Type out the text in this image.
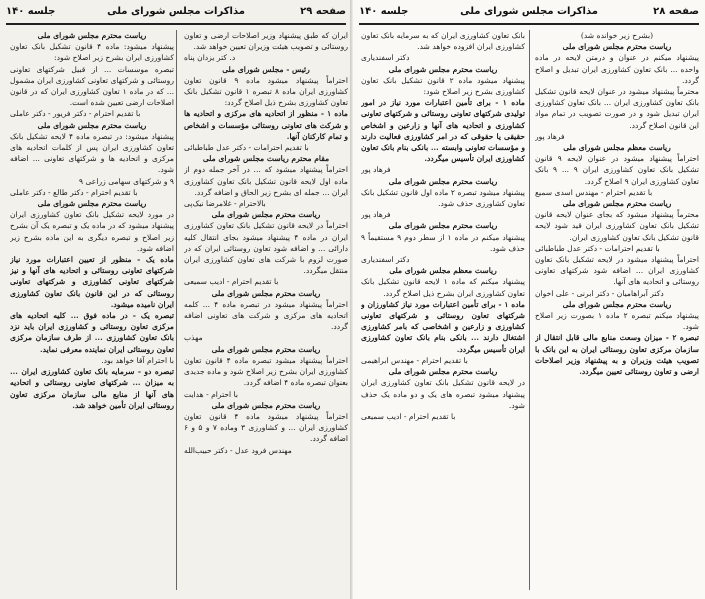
صفحه ۲۹
مذاکرات مجلس شورای ملی
جلسه ۱۴۰

ایران که طبق پیشنهاد وزیر اصلاحات ارضی و تعاون روستائی و تصویب هیئت وزیران تعیین خواهد شد.

د. کتر یزدان پناه

رئیس - مجلس شورای ملی

احتراماً پیشنهاد میشود ماده ۹ قانون تعاون کشاورزی ایران ماده ۸ تبصره ۱ قانون تشکیل بانک تعاون کشاورزی بشرح ذیل اصلاح گردد:

ماده ۱ - منظور از اتحادیه های مرکزی و اتحادیه ها و شرکت های تعاونی روستائی مؤسسات و اشخاص و تمام کارکنان آنها.

با تقدیم احترامات - دکتر عدل طباطبائی

مقام محترم ریاست مجلس شورای ملی

احتراماً پیشنهاد میشود که ... در آخر جمله دوم از ماده اول لایحه قانون تشکیل بانک تعاون کشاورزی ایران ... جمله ای بشرح زیر الحاق و اضافه گردد.

بالاحترام - غلامرضا نیک‌پی

ریاست محترم مجلس شورای ملی

احتراماً در لایحه قانون تشکیل بانک تعاون کشاورزی ایران در ماده ۴ پیشنهاد میشود بجای انتقال کلیه دارائی ... و اضافه شود تعاون روستائی ایران که در صورت لزوم با شرکت های تعاون کشاورزی ایران منتقل میگردد.

با تقدیم احترام - ادیب سمیعی

ریاست محترم مجلس شورای ملی

احتراماً پیشنهاد میشود در تبصره ماده ۴ ... کلمه اتحادیه های مرکزی و شرکت های تعاونی اضافه گردد.

مهذب

ریاست محترم مجلس شورای ملی

احتراماً پیشنهاد میشود تبصره ماده ۴ قانون تعاون کشاورزی ایران بشرح زیر اصلاح شود و ماده جدیدی بعنوان تبصره ماده ۴ اضافه گردد.

با احترام - هدایت

ریاست محترم مجلس شورای ملی

احتراماً پیشنهاد میشود ماده ۴ قانون تعاون کشاورزی ایران ... و کشاورزی ۳ وماده ۷ و ۵ و ۶ اضافه گردد.

مهندس فرود عدل - دکتر حبیب‌الله

ریاست محترم مجلس شورای ملی

پیشنهاد میشود: ماده ۴ قانون تشکیل بانک تعاون کشاورزی ایران بشرح زیر اصلاح شود:

تبصره موسسات ... از قبیل شرکتهای تعاونی روستائی و شرکتهای تعاونی کشاورزی ایران مشمول ... که در ماده ۱ تعاون کشاورزی ایران که در قانون اصلاحات ارضی تعیین شده است.

با تقدیم احترام - دکتر فریور - دکتر عاملی

ریاست محترم مجلس شورای ملی

پیشنهاد میشود: در تبصره ماده ۴ لایحه تشکیل بانک تعاون کشاورزی ایران پس از کلمات اتحادیه های مرکزی و اتحادیه ها و شرکتهای تعاونی ... اضافه شود.

۹ و شرکتهای سهامی زراعی ۹

با تقدیم احترام - دکتر طالع - دکتر عاملی

ریاست محترم مجلس شورای ملی

در مورد لایحه تشکیل بانک تعاون کشاورزی ایران پیشنهاد میشود که در ماده یک و تبصره یک آن بشرح زیر اصلاح و تبصره دیگری به این ماده بشرح زیر اضافه شود.

ماده یک - منظور از تعیین اعتبارات مورد نیاز شرکتهای تعاونی روستائی و اتحادیه های آنها و نیز شرکتهای تعاونی کشاورزی و شرکتهای تعاونی روستائی که در این قانون بانک تعاون کشاورزی ایران نامیده میشود.

تبصره یک - در ماده فوق ... کلیه اتحادیه های مرکزی تعاون روستائی و کشاورزی ایران باید نزد بانک تعاون کشاورزی ... از طرف سازمان مرکزی تعاون روستائی ایران نماینده معرفی نماید.

با احترام آقا خواهد بود.

تبصره دو - سرمایه بانک تعاون کشاورزی ایران ... به میزان ... شرکتهای تعاونی روستائی و اتحادیه های آنها از منابع مالی سازمان مرکزی تعاون روستائی ایران تأمین خواهد شد.

صفحه ۲۸
مذاکرات مجلس شورای ملی
جلسه ۱۴۰

بانک تعاون کشاورزی ایران که به سرمایه بانک تعاون کشاورزی ایران افزوده خواهد شد.

دکتر اسفندیاری

ریاست محترم مجلس شورای ملی

پیشنهاد میشود ماده ۲ قانون تشکیل بانک تعاون کشاورزی بشرح زیر اصلاح شود:

ماده ۱ - برای تأمین اعتبارات مورد نیاز در امور تولیدی شرکتهای تعاونی روستائی و شرکتهای تعاونی کشاورزی و اتحادیه های آنها و زارعین و اشخاص حقیقی یا حقوقی که در امر کشاورزی فعالیت دارند و مؤسسات تعاونی وابسته ... بانکی بنام بانک تعاون کشاورزی ایران تأسیس میگردد.

فرهاد پور

ریاست محترم مجلس شورای ملی

پیشنهاد میشود تبصره ۲ ماده اول قانون تشکیل بانک تعاون کشاورزی حذف شود.

فرهاد پور

ریاست محترم مجلس شورای ملی

پیشنهاد میکنم در ماده ۱ از سطر دوم ۹ مستقیماً ۹ حذف شود.

دکتر اسفندیاری

ریاست معظم مجلس شورای ملی

پیشنهاد میکنم که ماده ۱ لایحه قانون تشکیل بانک تعاون کشاورزی ایران بشرح ذیل اصلاح گردد.

ماده ۱ - برای تأمین اعتبارات مورد نیاز کشاورزان و شرکتهای تعاون روستائی و شرکتهای تعاونی کشاورزی و زارعین و اشخاصی که بامر کشاورزی اشتغال دارند ... بانکی بنام بانک تعاون کشاورزی ایران تأسیس میگردد.

با تقدیم احترام - مهندس ابراهیمی

ریاست محترم مجلس شورای ملی

در لایحه قانون تشکیل بانک تعاون کشاورزی ایران پیشنهاد میشود تبصره های یک و دو ماده یک حذف شود.

با تقدیم احترام - ادیب سمیعی

(بشرح زیر خوانده شد)

ریاست محترم مجلس شورای ملی

پیشنهاد میکنم در عنوان و درمتن لایحه در ماده واحده ... بانک تعاون کشاورزی ایران تبدیل و اصلاح گردد.

محترماً پیشنهاد میشود در عنوان لایحه قانون تشکیل بانک تعاون کشاورزی ایران ... بانک تعاون کشاورزی ایران تبدیل شود و در صورت تصویب در تمام مواد این قانون اصلاح گردد.

فرهاد پور

ریاست معظم مجلس شورای ملی

احتراماً پیشنهاد میشود در عنوان لایحه ۹ قانون تشکیل بانک تعاون کشاورزی ایران ۹ ... ۹ بانک تعاون کشاورزی ایران ۹ اصلاح گردد.

با تقدیم احترام - مهندس اسدی سمیع

ریاست محترم مجلس شورای ملی

محترماً پیشنهاد میشود که بجای عنوان لایحه قانون تشکیل بانک تعاون کشاورزی ایران قید شود لایحه قانون تشکیل بانک تعاون کشاورزی ایران.

با تقدیم احترامات - دکتر عدل طباطبائی

احتراماً پیشنهاد میشود در لایحه تشکیل بانک تعاون کشاورزی ایران ... اضافه شود شرکتهای تعاونی روستائی و اتحادیه های آنها.

دکتر آبراهامیان - دکتر ابرنی - علی اخوان

ریاست محترم مجلس شورای ملی

پیشنهاد میکنم تبصره ۲ ماده ۱ بصورت زیر اصلاح شود.

تبصره ۲ - میزان وسعت منابع مالی قابل انتقال از سازمان مرکزی تعاون روستائی ایران به این بانک با تصویب هیئت وزیران و به پیشنهاد وزیر اصلاحات ارضی و تعاون روستائی تعیین میگردد.
